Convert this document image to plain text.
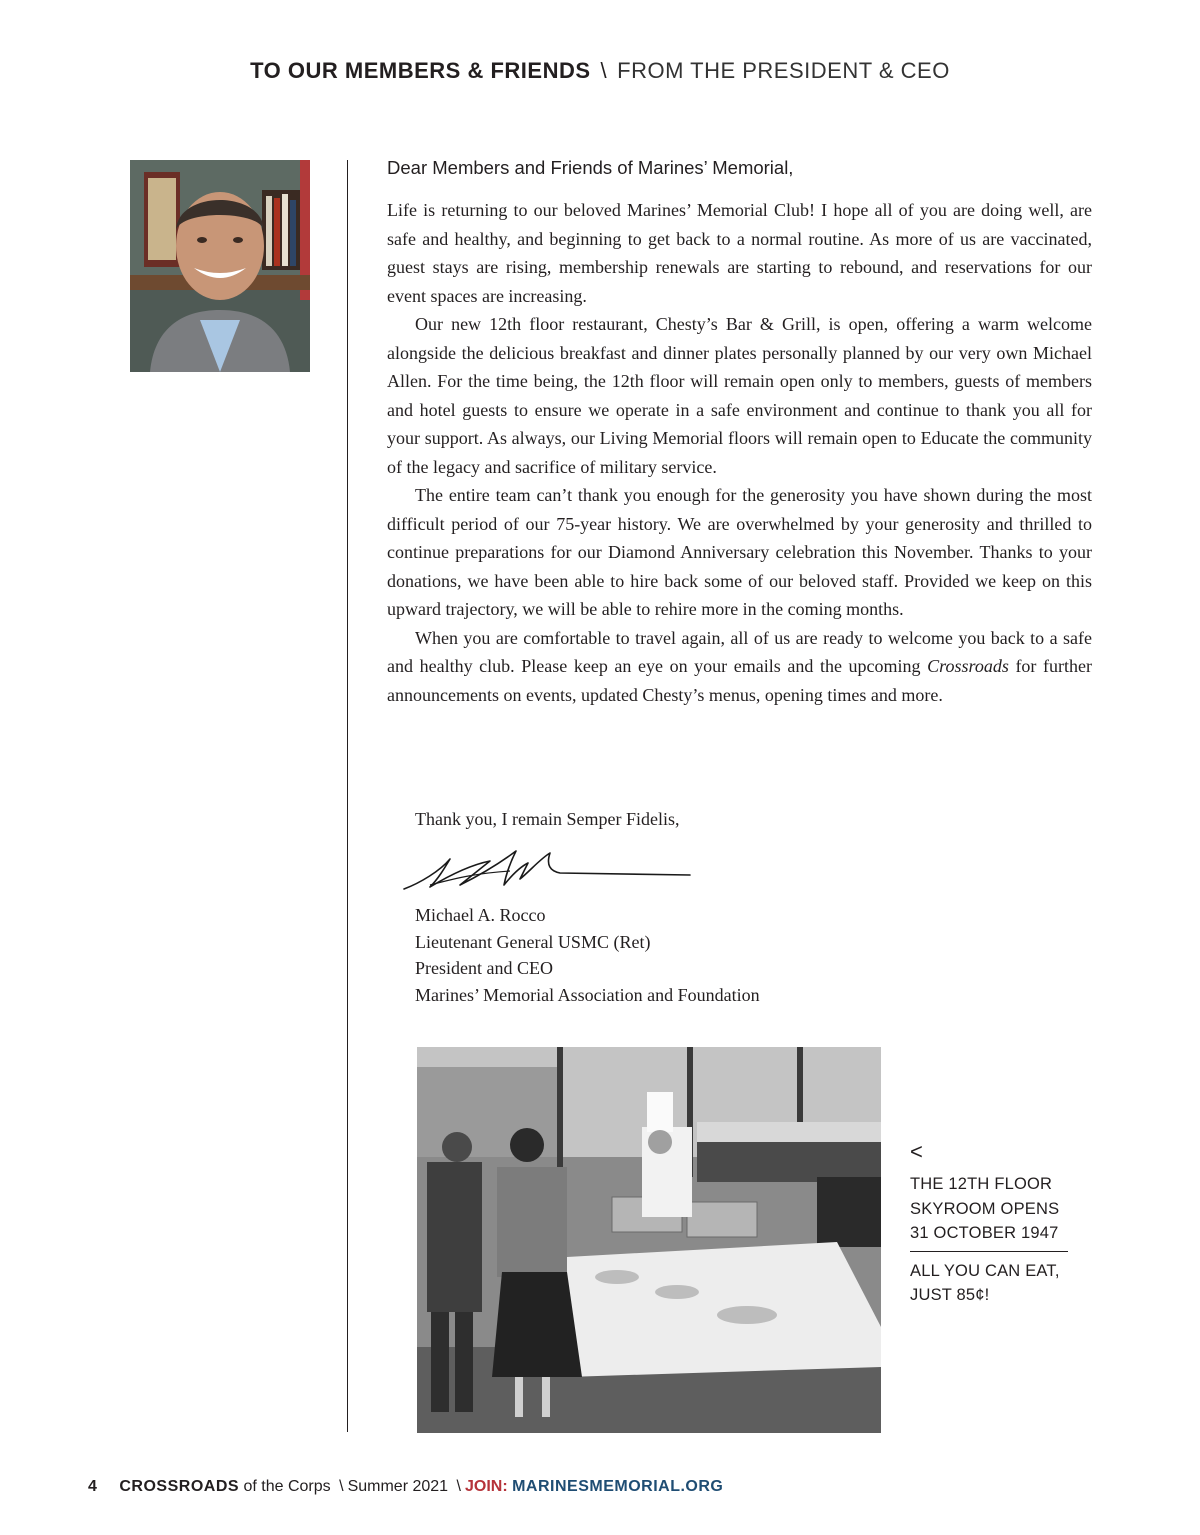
TO OUR MEMBERS & FRIENDS \ FROM THE PRESIDENT & CEO
Dear Members and Friends of Marines’ Memorial,

Life is returning to our beloved Marines’ Memorial Club! I hope all of you are doing well, are safe and healthy, and beginning to get back to a normal routine. As more of us are vaccinated, guest stays are rising, membership renewals are starting to rebound, and reservations for our event spaces are increasing.

Our new 12th floor restaurant, Chesty’s Bar & Grill, is open, offering a warm welcome alongside the delicious breakfast and dinner plates personally planned by our very own Michael Allen. For the time being, the 12th floor will remain open only to members, guests of members and hotel guests to ensure we operate in a safe environment and continue to thank you all for your support. As always, our Living Memorial floors will remain open to Educate the community of the legacy and sacrifice of military service.

The entire team can’t thank you enough for the generosity you have shown during the most difficult period of our 75-year history. We are overwhelmed by your generosity and thrilled to continue preparations for our Diamond Anniversary celebration this November. Thanks to your donations, we have been able to hire back some of our beloved staff. Provided we keep on this upward trajectory, we will be able to rehire more in the coming months.

When you are comfortable to travel again, all of us are ready to welcome you back to a safe and healthy club. Please keep an eye on your emails and the upcoming Crossroads for further announcements on events, updated Chesty’s menus, opening times and more.

Thank you, I remain Semper Fidelis,
Michael A. Rocco
Lieutenant General USMC (Ret)
President and CEO
Marines’ Memorial Association and Foundation
<
THE 12TH FLOOR SKYROOM OPENS 31 OCTOBER 1947
ALL YOU CAN EAT, JUST 85¢!
4 CROSSROADS of the Corps \ Summer 2021 \ JOIN: MARINESMEMORIAL.ORG
